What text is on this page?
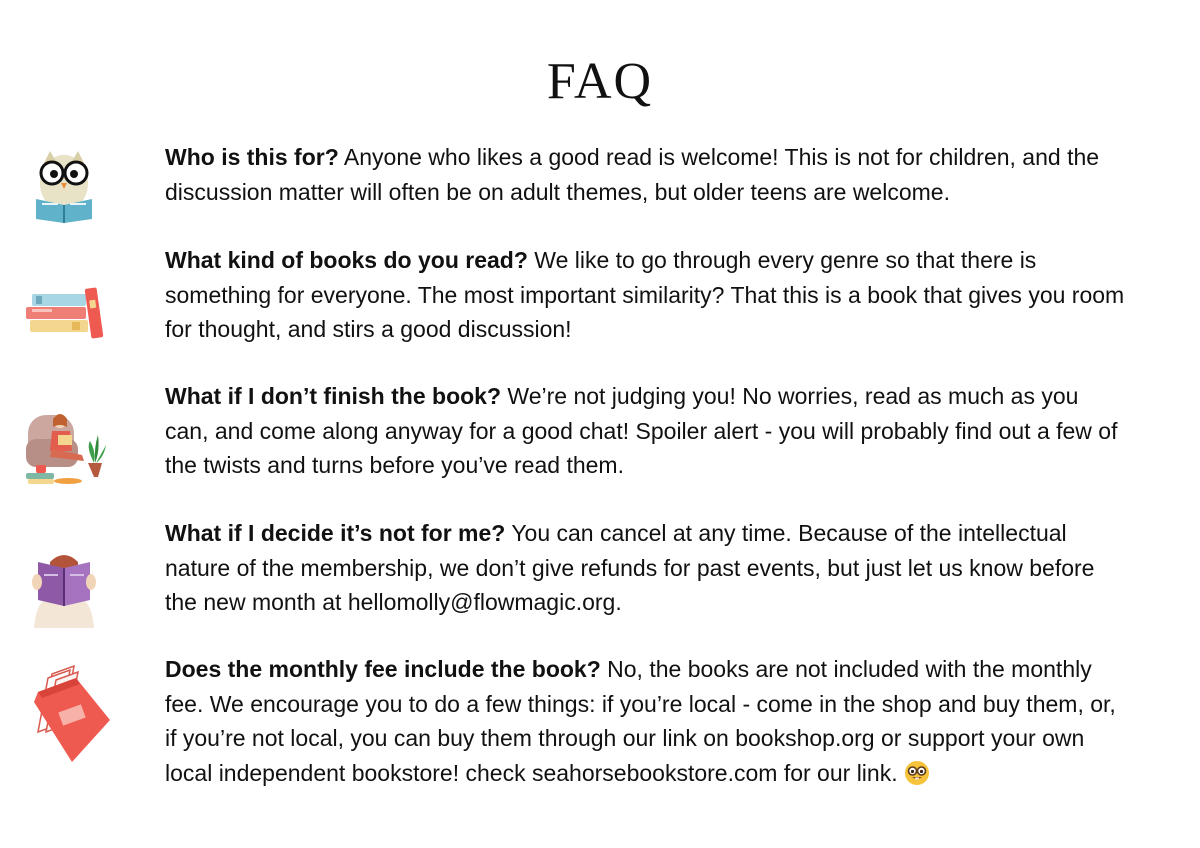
FAQ
Who is this for? Anyone who likes a good read is welcome! This is not for children, and the discussion matter will often be on adult themes, but older teens are welcome.
What kind of books do you read? We like to go through every genre so that there is something for everyone. The most important similarity? That this is a book that gives you room for thought, and stirs a good discussion!
What if I don’t finish the book? We’re not judging you! No worries, read as much as you can, and come along anyway for a good chat! Spoiler alert - you will probably find out a few of the twists and turns before you’ve read them.
What if I decide it’s not for me? You can cancel at any time. Because of the intellectual nature of the membership, we don’t give refunds for past events, but just let us know before the new month at hellomolly@flowmagic.org.
Does the monthly fee include the book? No, the books are not included with the monthly fee. We encourage you to do a few things: if you’re local - come in the shop and buy them, or, if you’re not local, you can buy them through our link on bookshop.org or support your own local independent bookstore! check seahorsebookstore.com for our link.
